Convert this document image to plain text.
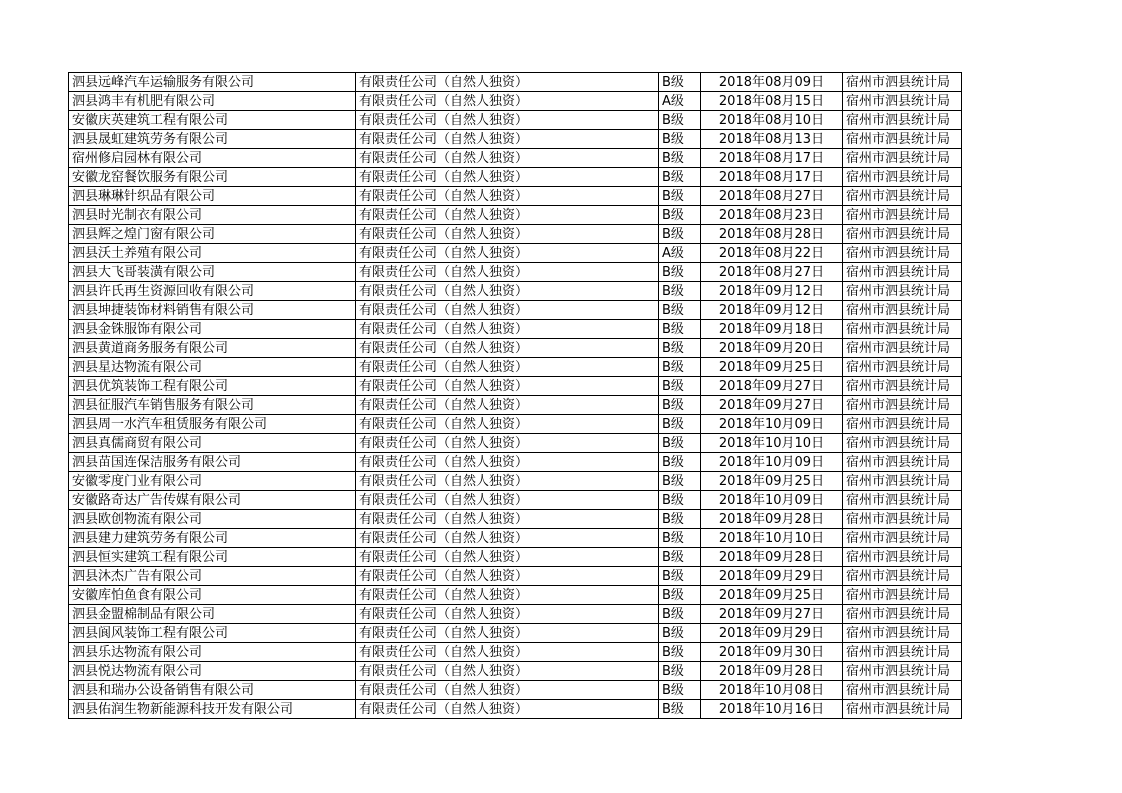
泗县远峰汽车运输服务有限公司	有限责任公司（自然人独资）	B级	2018年08月09日	宿州市泗县统计局
泗县鸿丰有机肥有限公司	有限责任公司（自然人独资）	A级	2018年08月15日	宿州市泗县统计局
安徽庆英建筑工程有限公司	有限责任公司（自然人独资）	B级	2018年08月10日	宿州市泗县统计局
泗县晟虹建筑劳务有限公司	有限责任公司（自然人独资）	B级	2018年08月13日	宿州市泗县统计局
宿州修启园林有限公司	有限责任公司（自然人独资）	B级	2018年08月17日	宿州市泗县统计局
安徽龙窑餐饮服务有限公司	有限责任公司（自然人独资）	B级	2018年08月17日	宿州市泗县统计局
泗县琳琳针织品有限公司	有限责任公司（自然人独资）	B级	2018年08月27日	宿州市泗县统计局
泗县时光制衣有限公司	有限责任公司（自然人独资）	B级	2018年08月23日	宿州市泗县统计局
泗县辉之煌门窗有限公司	有限责任公司（自然人独资）	B级	2018年08月28日	宿州市泗县统计局
泗县沃土养殖有限公司	有限责任公司（自然人独资）	A级	2018年08月22日	宿州市泗县统计局
泗县大飞哥装潢有限公司	有限责任公司（自然人独资）	B级	2018年08月27日	宿州市泗县统计局
泗县许氏再生资源回收有限公司	有限责任公司（自然人独资）	B级	2018年09月12日	宿州市泗县统计局
泗县坤捷装饰材料销售有限公司	有限责任公司（自然人独资）	B级	2018年09月12日	宿州市泗县统计局
泗县金铢服饰有限公司	有限责任公司（自然人独资）	B级	2018年09月18日	宿州市泗县统计局
泗县黄道商务服务有限公司	有限责任公司（自然人独资）	B级	2018年09月20日	宿州市泗县统计局
泗县星达物流有限公司	有限责任公司（自然人独资）	B级	2018年09月25日	宿州市泗县统计局
泗县优筑装饰工程有限公司	有限责任公司（自然人独资）	B级	2018年09月27日	宿州市泗县统计局
泗县征服汽车销售服务有限公司	有限责任公司（自然人独资）	B级	2018年09月27日	宿州市泗县统计局
泗县周一水汽车租赁服务有限公司	有限责任公司（自然人独资）	B级	2018年10月09日	宿州市泗县统计局
泗县真儒商贸有限公司	有限责任公司（自然人独资）	B级	2018年10月10日	宿州市泗县统计局
泗县苗国连保洁服务有限公司	有限责任公司（自然人独资）	B级	2018年10月09日	宿州市泗县统计局
安徽零度门业有限公司	有限责任公司（自然人独资）	B级	2018年09月25日	宿州市泗县统计局
安徽路奇达广告传媒有限公司	有限责任公司（自然人独资）	B级	2018年10月09日	宿州市泗县统计局
泗县欧创物流有限公司	有限责任公司（自然人独资）	B级	2018年09月28日	宿州市泗县统计局
泗县建力建筑劳务有限公司	有限责任公司（自然人独资）	B级	2018年10月10日	宿州市泗县统计局
泗县恒实建筑工程有限公司	有限责任公司（自然人独资）	B级	2018年09月28日	宿州市泗县统计局
泗县沐杰广告有限公司	有限责任公司（自然人独资）	B级	2018年09月29日	宿州市泗县统计局
安徽库怕鱼食有限公司	有限责任公司（自然人独资）	B级	2018年09月25日	宿州市泗县统计局
泗县金盟棉制品有限公司	有限责任公司（自然人独资）	B级	2018年09月27日	宿州市泗县统计局
泗县阆风装饰工程有限公司	有限责任公司（自然人独资）	B级	2018年09月29日	宿州市泗县统计局
泗县乐达物流有限公司	有限责任公司（自然人独资）	B级	2018年09月30日	宿州市泗县统计局
泗县悦达物流有限公司	有限责任公司（自然人独资）	B级	2018年09月28日	宿州市泗县统计局
泗县和瑞办公设备销售有限公司	有限责任公司（自然人独资）	B级	2018年10月08日	宿州市泗县统计局
泗县佑润生物新能源科技开发有限公司	有限责任公司（自然人独资）	B级	2018年10月16日	宿州市泗县统计局
